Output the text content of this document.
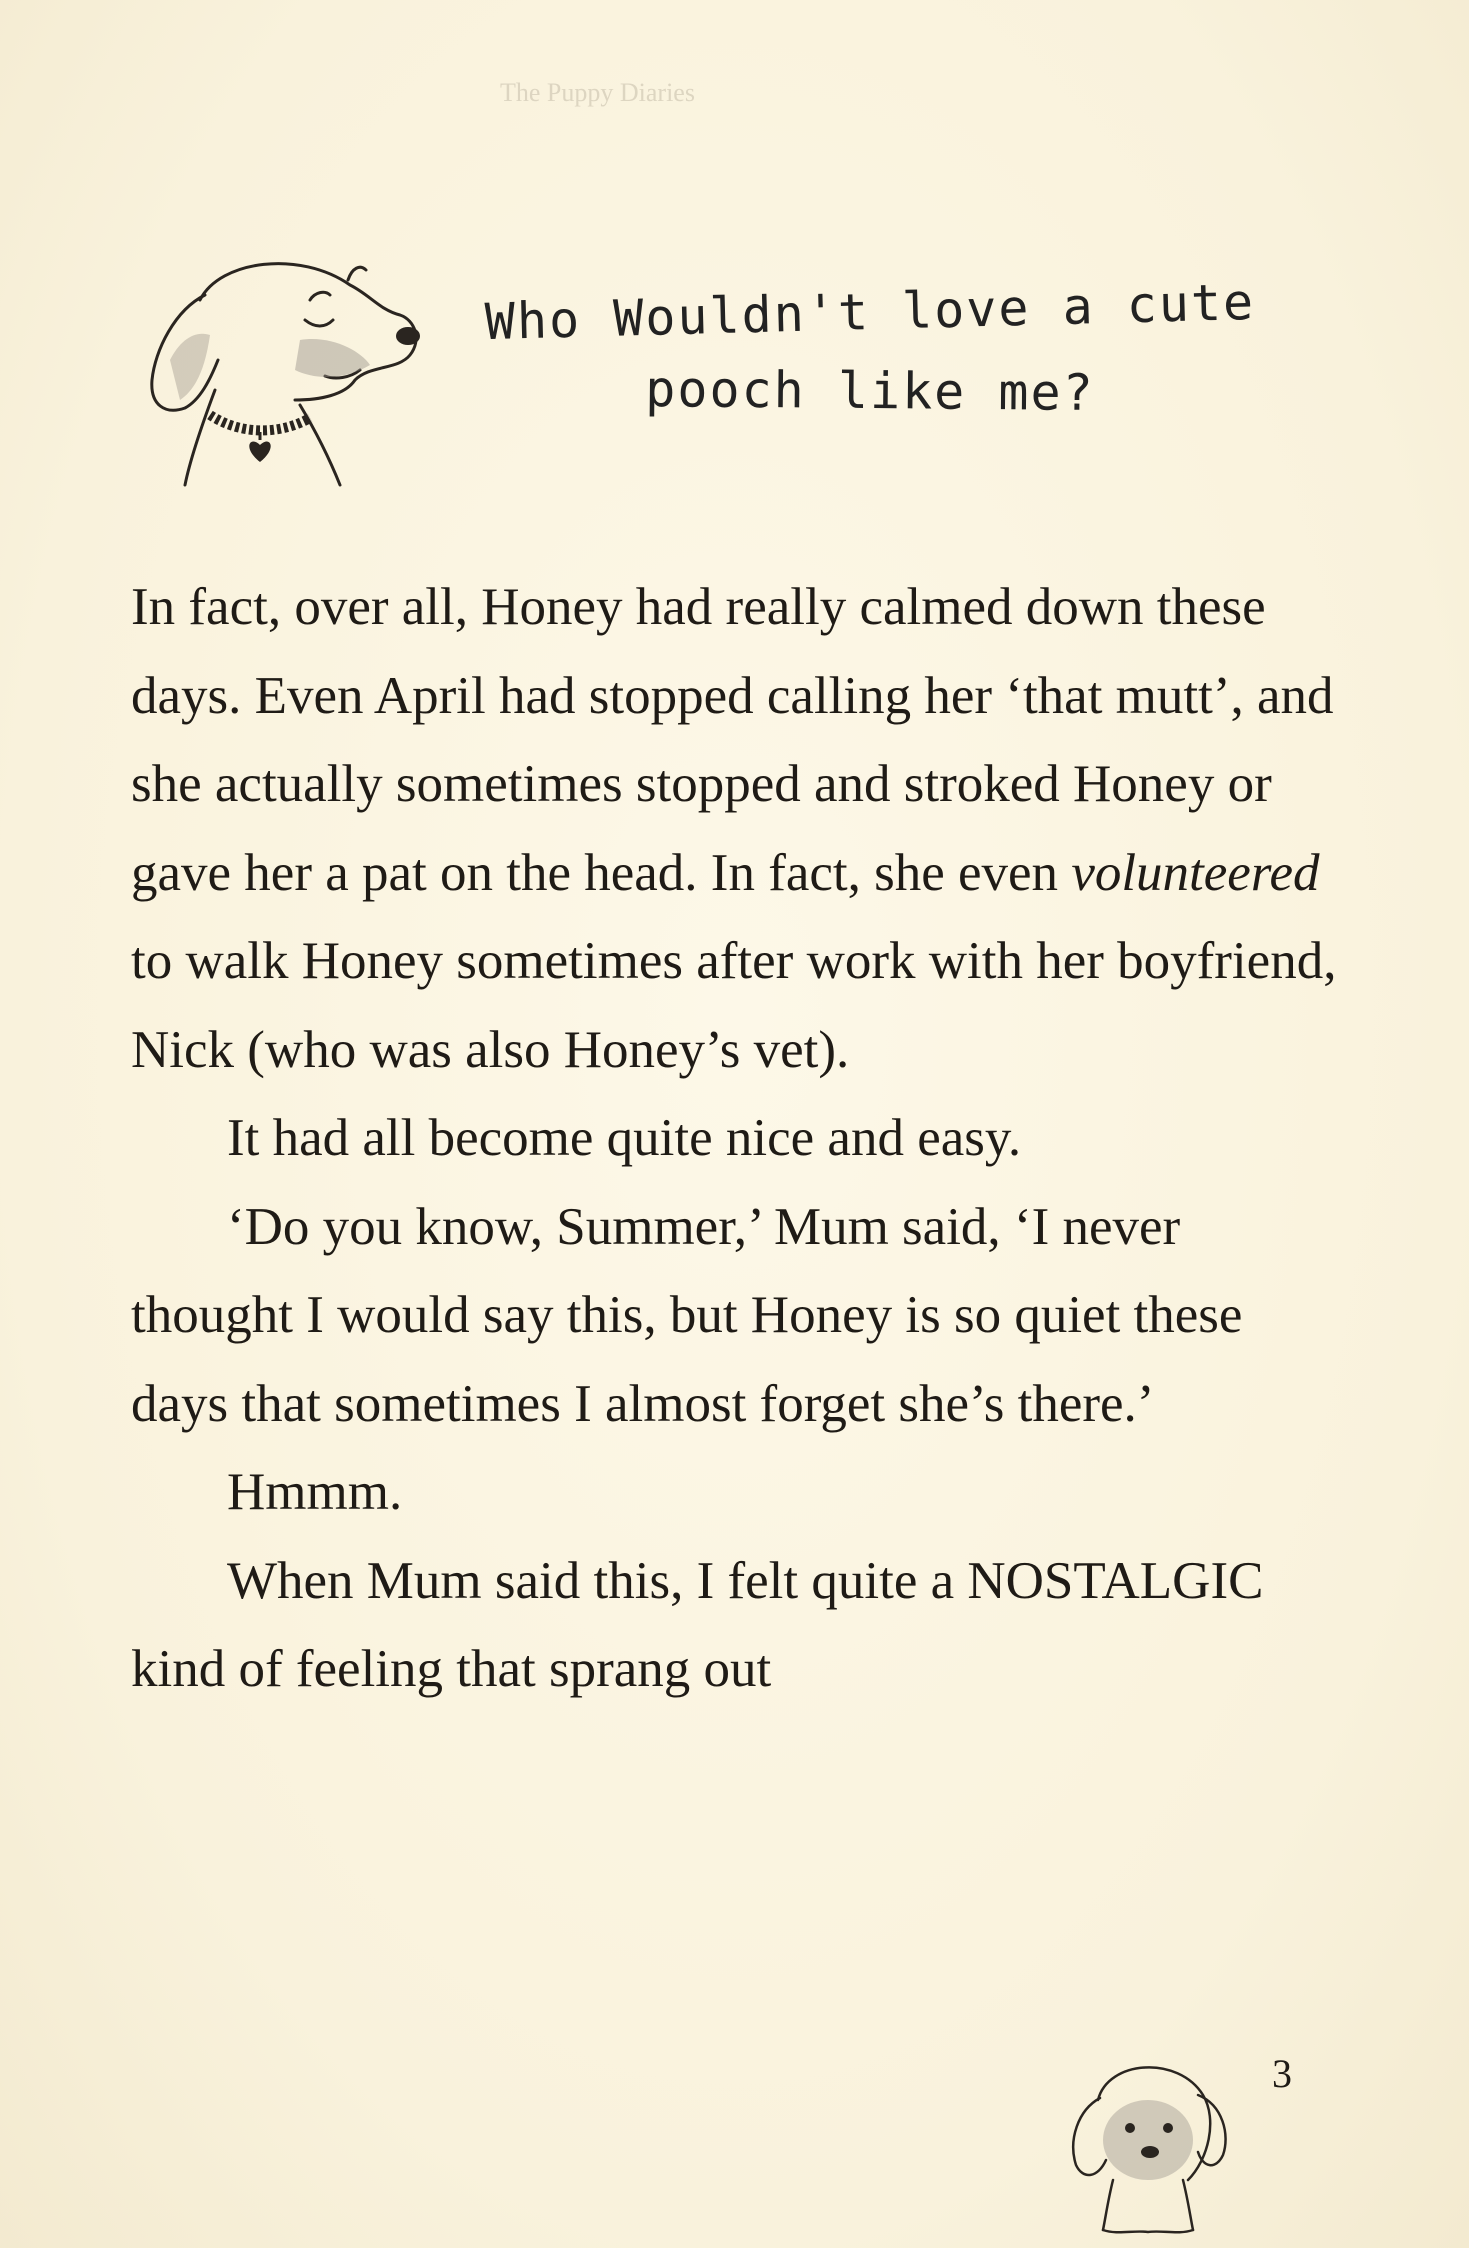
The Puppy Diaries
Who Wouldn't love a cute
pooch like me?

In fact, over all, Honey had really calmed down these days. Even April had stopped calling her ‘that mutt’, and she actually sometimes stopped and stroked Honey or gave her a pat on the head. In fact, she even volunteered to walk Honey sometimes after work with her boyfriend, Nick (who was also Honey’s vet).

It had all become quite nice and easy.

‘Do you know, Summer,’ Mum said, ‘I never thought I would say this, but Honey is so quiet these days that sometimes I almost forget she’s there.’

Hmmm.

When Mum said this, I felt quite a NOSTALGIC kind of feeling that sprang out

3
